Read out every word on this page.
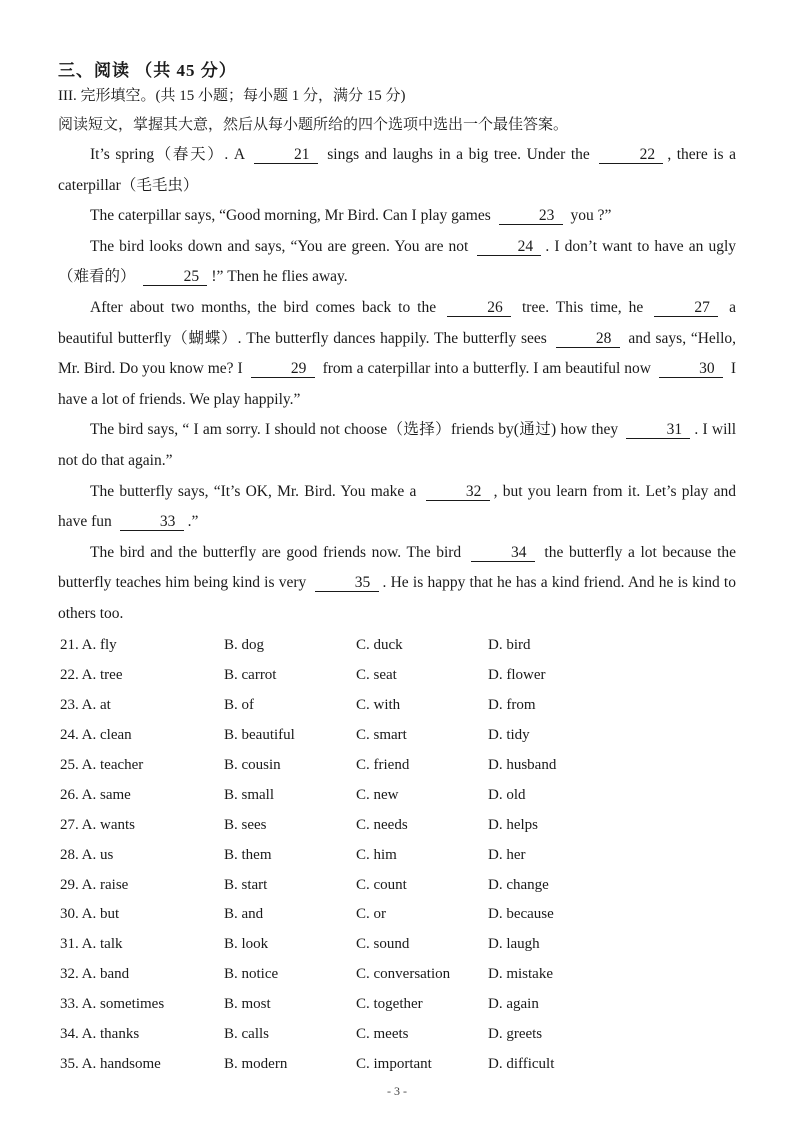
三、阅读 （共 45 分）
III. 完形填空。(共 15 小题；每小题 1 分，满分 15 分)
阅读短文，掌握其大意，然后从每小题所给的四个选项中选出一个最佳答案。

It’s spring（春天）. A	21 sings and laughs in a big tree. Under the	22 , there is a caterpillar（毛毛虫）

The caterpillar says, “Good morning, Mr Bird. Can I play games	23 you ?”

The bird looks down and says, “You are green. You are not	24 . I don’t want to have an ugly（难看的）	25 !” Then he flies away.

After about two months, the bird comes back to the	26 tree. This time, he	27 a beautiful butterfly（蝴蝶）. The butterfly dances happily. The butterfly sees	28 and says, “Hello, Mr. Bird. Do you know me? I	29 from a caterpillar into a butterfly. I am beautiful now	30 I have a lot of friends. We play happily.”

The bird says, “ I am sorry. I should not choose（选择）friends by(通过) how they	31 . I will not do that again.”

The butterfly says, “It’s OK, Mr. Bird. You make a	32 , but you learn from it. Let’s play and have fun	33 .”

The bird and the butterfly are good friends now. The bird	34 the butterfly a lot because the butterfly teaches him being kind is very	35 . He is happy that he has a kind friend. And he is kind to others too.

21. A. fly	B. dog	C. duck	D. bird
22. A. tree	B. carrot	C. seat	D. flower
23. A. at	B. of	C. with	D. from
24. A. clean	B. beautiful	C. smart	D. tidy
25. A. teacher	B. cousin	C. friend	D. husband
26. A. same	B. small	C. new	D. old
27. A. wants	B. sees	C. needs	D. helps
28. A. us	B. them	C. him	D. her
29. A. raise	B. start	C. count	D. change
30. A. but	B. and	C. or	D. because
31. A. talk	B. look	C. sound	D. laugh
32. A. band	B. notice	C. conversation	D. mistake
33. A. sometimes	B. most	C. together	D. again
34. A. thanks	B. calls	C. meets	D. greets
35. A. handsome	B. modern	C. important	D. difficult
- 3 -
